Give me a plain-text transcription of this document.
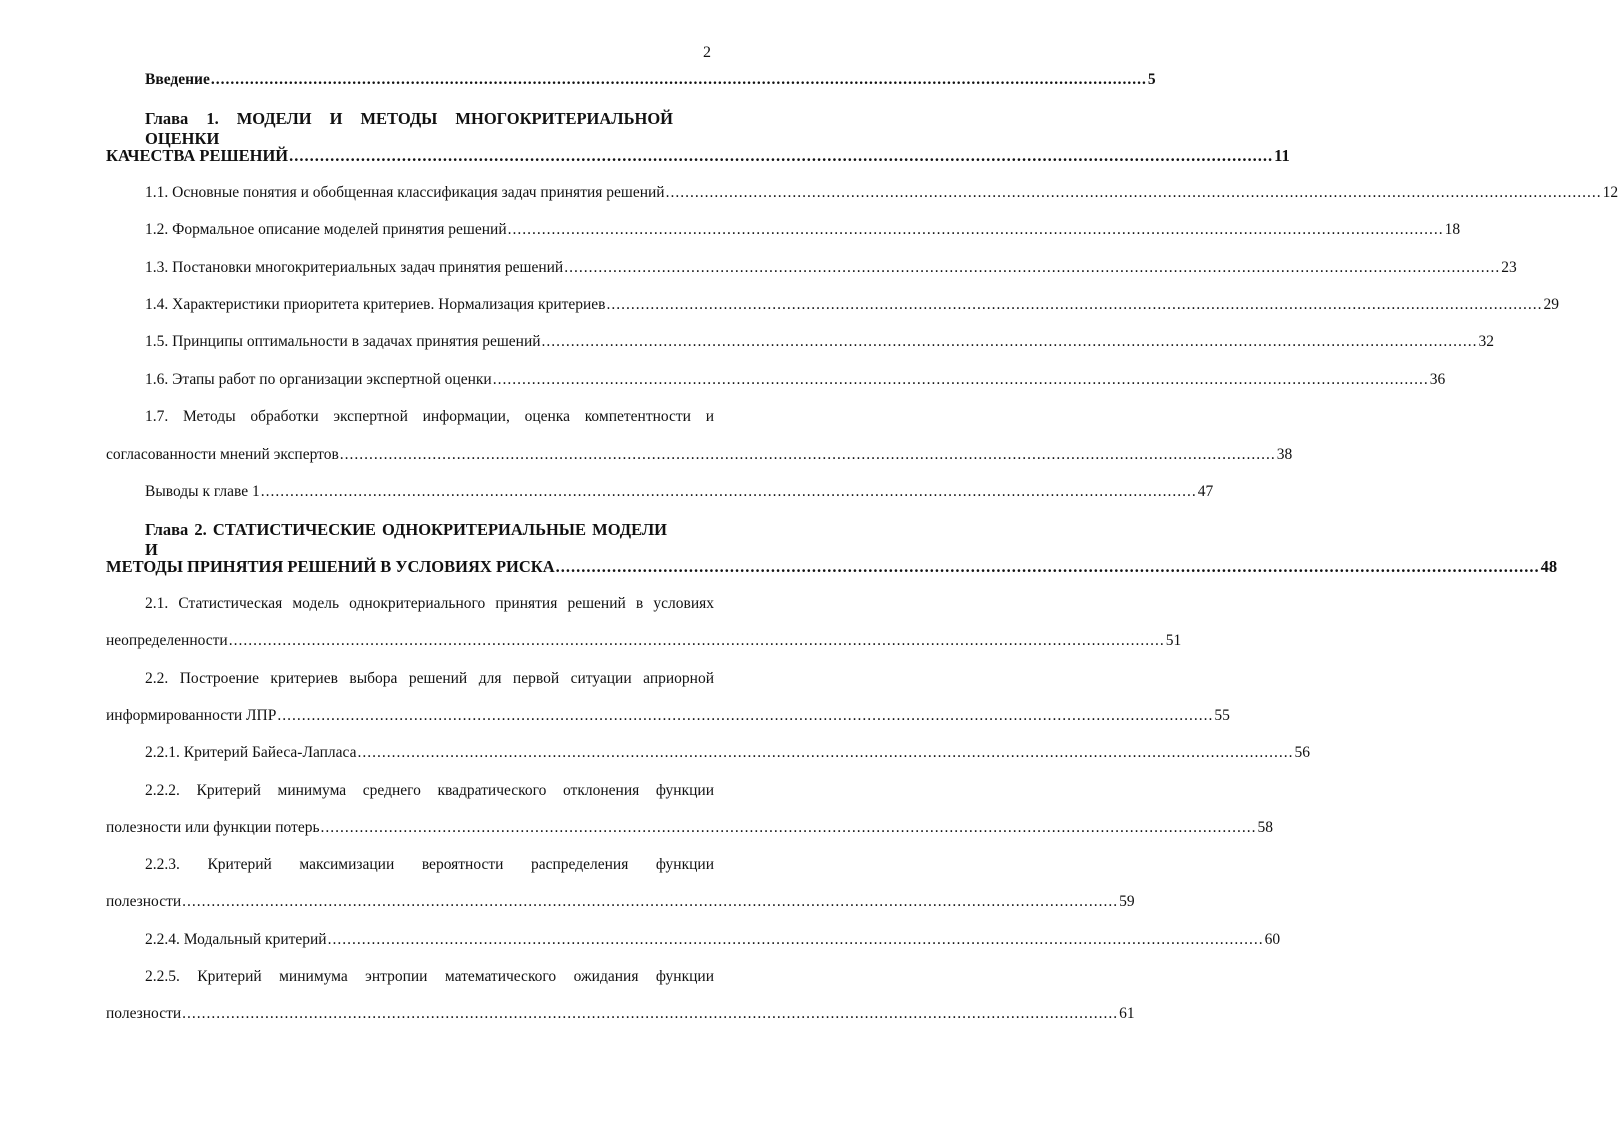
2
Введение ................................................................................................................................................................................................ 5
Глава 1. МОДЕЛИ И МЕТОДЫ МНОГОКРИТЕРИАЛЬНОЙ ОЦЕНКИ
КАЧЕСТВА РЕШЕНИЙ ................................................................................................................................................................................................ 11
1.1. Основные понятия и обобщенная классификация задач принятия решений ................................................................................................................................................................................................ 12
1.2. Формальное описание моделей принятия решений ................................................................................................................................................................................................ 18
1.3. Постановки многокритериальных задач принятия решений ................................................................................................................................................................................................ 23
1.4. Характеристики приоритета критериев. Нормализация критериев ................................................................................................................................................................................................ 29
1.5. Принципы оптимальности в задачах принятия решений ................................................................................................................................................................................................ 32
1.6. Этапы работ по организации экспертной оценки ................................................................................................................................................................................................ 36
1.7. Методы обработки экспертной информации, оценка компетентности и
согласованности мнений экспертов ................................................................................................................................................................................................ 38
Выводы к главе 1 ................................................................................................................................................................................................ 47
Глава 2. СТАТИСТИЧЕСКИЕ ОДНОКРИТЕРИАЛЬНЫЕ МОДЕЛИ И
МЕТОДЫ ПРИНЯТИЯ РЕШЕНИЙ В УСЛОВИЯХ РИСКА ................................................................................................................................................................................................ 48
2.1. Статистическая модель однокритериального принятия решений в условиях
неопределенности ................................................................................................................................................................................................ 51
2.2. Построение критериев выбора решений для первой ситуации априорной
информированности ЛПР ................................................................................................................................................................................................ 55
2.2.1. Критерий Байеса-Лапласа ................................................................................................................................................................................................ 56
2.2.2. Критерий минимума среднего квадратического отклонения функции
полезности или функции потерь ................................................................................................................................................................................................ 58
2.2.3. Критерий максимизации вероятности распределения функции
полезности ................................................................................................................................................................................................ 59
2.2.4. Модальный критерий ................................................................................................................................................................................................ 60
2.2.5. Критерий минимума энтропии математического ожидания функции
полезности ................................................................................................................................................................................................ 61
